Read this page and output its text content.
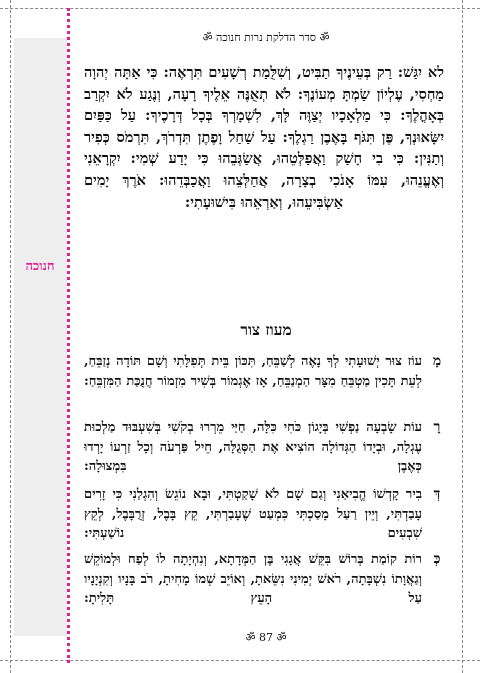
חנוכה
ॐ סדר הדלקת נרות חנוכה ॐ
לא יִגַּשׁ: רַק בְּעֵינֶיךָ תַבִּיט, וְשִׁלֻּמַת רְשָׁעִים תִּרְאֶה: כִּי אַתָּה יְהוָה מַחְסִי, עֶלְיוֹן שַׂמְתָּ מְעוֹנֶךָ: לֹא תְאֻנֶּה אֵלֶיךָ רָעָה, וְנֶגַע לֹא יִקְרַב בְּאָהֳלֶךָ: כִּי מַלְאָכָיו יְצַוֶּה לָּךְ, לִשְׁמָרְךָ בְּכָל דְּרָכֶיךָ: עַל כַּפַּיִם יִשָּׂאוּנְךָ, פֶּן תִּגֹּף בָּאֶבֶן רַגְלֶךָ: עַל שַׁחַל וָפֶתֶן תִּדְרֹךְ, תִּרְמֹס כְּפִיר וְתַנִּין: כִּי בִי חָשַׁק וַאֲפַלְּטֵהוּ, אֲשַׂגְּבֵהוּ כִּי יָדַע שְׁמִי: יִקְרָאֵנִי וְאֶעֱנֵהוּ, עִמּוֹ אָנֹכִי בְצָרָה, אֲחַלְּצֵהוּ וַאֲכַבְּדֵהוּ: אֹרֶךְ יָמִים אַשְׂבִּיעֵהוּ, וְאַרְאֵהוּ בִּישׁוּעָתִי:
מעוז צור
מָ
עוֹז צוּר יְשׁוּעָתִי לְךָ נָאֶה לְשַׁבֵּחַ, תִּכּוֹן בֵּית תְּפִלָּתִי וְשָׁם תּוֹדָה נְזַבֵּחַ, לְעֵת תָּכִין מַטְבֵּחַ מִצָּר הַמְנַבֵּחַ, אָז אֶגְמוֹר בְּשִׁיר מִזְמוֹר חֲנֻכַּת הַמִּזְבֵּחַ:
רָ
עוֹת שָׂבְעָה נַפְשִׁי בְּיָגוֹן כֹּחִי כִּלָּה, חַיַּי מֵרְרוּ בְקֹשִׁי בְּשִׁעְבּוּד מַלְכוּת עֶגְלָה, וּבְיָדוֹ הַגְּדוֹלָה הוֹצִיא אֶת הַסְּגֻלָּה, חֵיל פַּרְעֹה וְכָל זַרְעוֹ יָרְדוּ כְּאֶבֶן בִּמְצוּלָה:
דְּ
בִיר קָדְשׁוֹ הֱבִיאַנִי וְגַם שָׁם לֹא שָׁקַטְתִּי, וּבָא נוֹגֵשׂ וְהִגְלַנִי כִּי זָרִים עָבַדְתִּי, וְיֵין רַעַל מָסַכְתִּי כִּמְעַט שֶׁעָבַרְתִּי, קֵץ בָּבֶל, זְרֻבָּבֶל, לְקֵץ שִׁבְעִים נוֹשַׁעְתִּי:
כְּ
רוֹת קוֹמַת בְּרוֹשׁ בִּקֵּשׁ אֲגָגִי בֶּן הַמְּדָתָא, וְנִהְיָתָה לוֹ לְפַח וּלְמוֹקֵשׁ וְגַאֲוָתוֹ נִשְׁבָּתָה, רֹאשׁ יְמִינִי נִשֵּׂאתָ, וְאוֹיֵב שְׁמוֹ מָחִיתָ, רֹב בָּנָיו וְקִנְיָנָיו עַל הָעֵץ תָּלִיתָ:
ॐ 87 ॐ
